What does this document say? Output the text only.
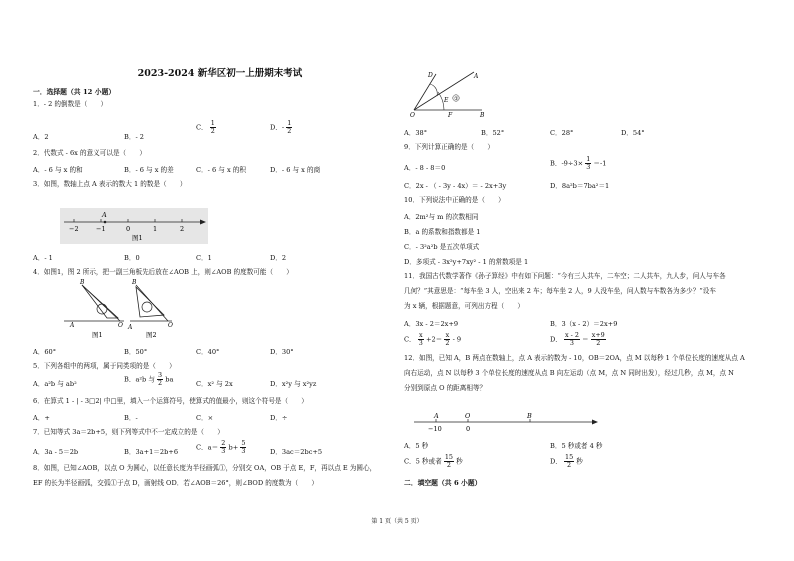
2023-2024 新华区初一上册期末考试
一．选择题（共 12 小题）
1．- 2 的倒数是（　　）
A．2	B．- 2
C． $\frac{1}{2}$	D．- $\frac{1}{2}$
2．代数式 - 6x 的意义可以是（　　）
A．- 6 与 x 的和	B．- 6 与 x 的差	C．- 6 与 x 的积	D．- 6 与 x 的商
3．如图，数轴上点 A 表示的数大 1 的数是（　　）
A
−2	−1	0	1	2
图1
A．- 1	B．0	C．1	D．2
4．如图1，图 2 所示，把一副三角板先后放在∠AOB 上，则∠AOB 的度数可能（　　）
B
A	O
图1
B
A	O
图2
A．60°	B．50°	C．40°	D．30°
5．下列各组中的两项，属于同类项的是（　　）
A．a²b 与 ab²
B．a²b 与 $\frac{3}{2}$ ba
C．x² 与 2x	D．x²y 与 x²yz
6．在算式 1 - | - 3□2| 中□里，填入一个运算符号，使算式的值最小，则这个符号是（　　）
A．+	B．-	C．×	D．÷
7．已知等式 3a＝2b+5，则下列等式中不一定成立的是（　　）
A．3a - 5＝2b	B．3a+1＝2b+6
C．$a= \frac{2}{3} b+ \frac{5}{3}$	D．3ac＝2bc+5
8．如图，已知∠AOB，以点 O 为圆心，以任意长度为半径画弧①，分别交 OA，OB 于点 E，F，再以点 E 为圆心，
EF 的长为半径画弧，交弧①于点 D，画射线 OD．若∠AOB＝26°，则∠BOD 的度数为（　　）
D	A
E ①
O	F	B
A．38°	B．52°	C．28°	D．54°
9．下列计算正确的是（　　）
A．- 8 - 8＝0
B．$-9\div 3\times \frac{1}{3} =-1$
C．2x - （ - 3y - 4x）＝ - 2x+3y	D．8a²b＝7ba²＝1
10．下列说法中正确的是（　　）
A．2m²与 m 的次数相同
B．a 的系数和指数都是 1
C．- 3²a²b 是五次单项式
D．多项式 - 3x²y+7xy² - 1 的常数项是 1
11．我国古代数学著作《孙子算经》中有如下问题：“今有三人共车，二车空；二人共车，九人步，问人与车各
几何？”其意思是：“每车坐 3 人，空出来 2 车；每车坐 2 人，9 人没车坐，问人数与车数各为多少？”设车
为 x 辆，根据题意，可列出方程（　　）
A．3x - 2＝2x+9	B．3（x - 2）＝2x+9
C． $\frac{x}{3} +2= \frac{x}{2} - 9$	D． $\frac{x - 2}{3} = \frac{x+9}{2}$
12．如图，已知 A，B 两点在数轴上，点 A 表示的数为 - 10，OB＝2OA，点 M 以每秒 1 个单位长度的速度从点 A
向右运动，点 N 以每秒 3 个单位长度的速度从点 B 向左运动（点 M，点 N 同时出发），经过几秒，点 M，点 N
分别到原点 O 的距离相等？
A	O	B
−10	0
A．5 秒	B．5 秒或者 4 秒
C．5 秒或者 $\frac{15}{2}$ 秒	D． $\frac{15}{2}$ 秒
二．填空题（共 6 小题）
第 1 页（共 5 页）
